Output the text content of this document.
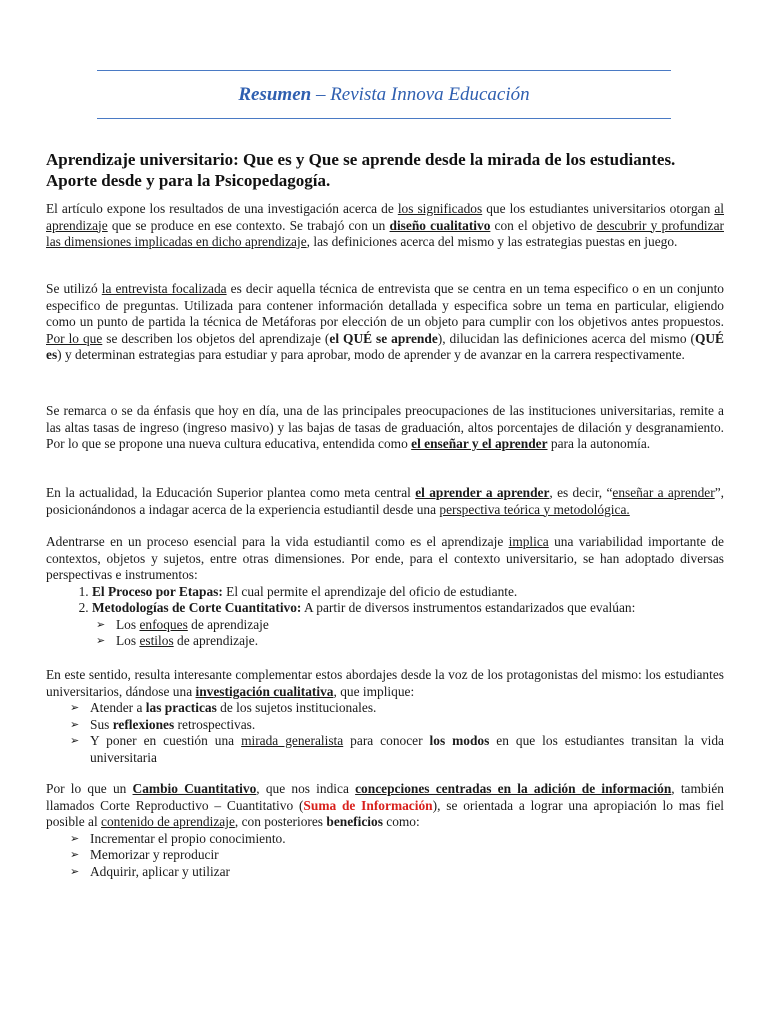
Resumen – Revista Innova Educación
Aprendizaje universitario: Que es y Que se aprende desde la mirada de los estudiantes. Aporte desde y para la Psicopedagogía.

El artículo expone los resultados de una investigación acerca de los significados que los estudiantes universitarios otorgan al aprendizaje que se produce en ese contexto. Se trabajó con un diseño cualitativo con el objetivo de descubrir y profundizar las dimensiones implicadas en dicho aprendizaje, las definiciones acerca del mismo y las estrategias puestas en juego.

Se utilizó la entrevista focalizada es decir aquella técnica de entrevista que se centra en un tema especifico o en un conjunto especifico de preguntas. Utilizada para contener información detallada y especifica sobre un tema en particular, eligiendo como un punto de partida la técnica de Metáforas por elección de un objeto para cumplir con los objetivos antes propuestos. Por lo que se describen los objetos del aprendizaje (el QUÉ se aprende), dilucidan las definiciones acerca del mismo (QUÉ es) y determinan estrategias para estudiar y para aprobar, modo de aprender y de avanzar en la carrera respectivamente.

Se remarca o se da énfasis que hoy en día, una de las principales preocupaciones de las instituciones universitarias, remite a las altas tasas de ingreso (ingreso masivo) y las bajas de tasas de graduación, altos porcentajes de dilación y desgranamiento. Por lo que se propone una nueva cultura educativa, entendida como el enseñar y el aprender para la autonomía.

En la actualidad, la Educación Superior plantea como meta central el aprender a aprender, es decir, “enseñar a aprender”, posicionándonos a indagar acerca de la experiencia estudiantil desde una perspectiva teórica y metodológica.

Adentrarse en un proceso esencial para la vida estudiantil como es el aprendizaje implica una variabilidad importante de contextos, objetos y sujetos, entre otras dimensiones. Por ende, para el contexto universitario, se han adoptado diversas perspectivas e instrumentos:
1. El Proceso por Etapas: El cual permite el aprendizaje del oficio de estudiante.
2. Metodologías de Corte Cuantitativo: A partir de diversos instrumentos estandarizados que evalúan:
➢ Los enfoques de aprendizaje
➢ Los estilos de aprendizaje.
En este sentido, resulta interesante complementar estos abordajes desde la voz de los protagonistas del mismo: los estudiantes universitarios, dándose una investigación cualitativa, que implique:
➢ Atender a las practicas de los sujetos institucionales.
➢ Sus reflexiones retrospectivas.
➢ Y poner en cuestión una mirada generalista para conocer los modos en que los estudiantes transitan la vida universitaria
Por lo que un Cambio Cuantitativo, que nos indica concepciones centradas en la adición de información, también llamados Corte Reproductivo – Cuantitativo (Suma de Información), se orientada a lograr una apropiación lo mas fiel posible al contenido de aprendizaje, con posteriores beneficios como:
➢ Incrementar el propio conocimiento.
➢ Memorizar y reproducir
➢ Adquirir, aplicar y utilizar
